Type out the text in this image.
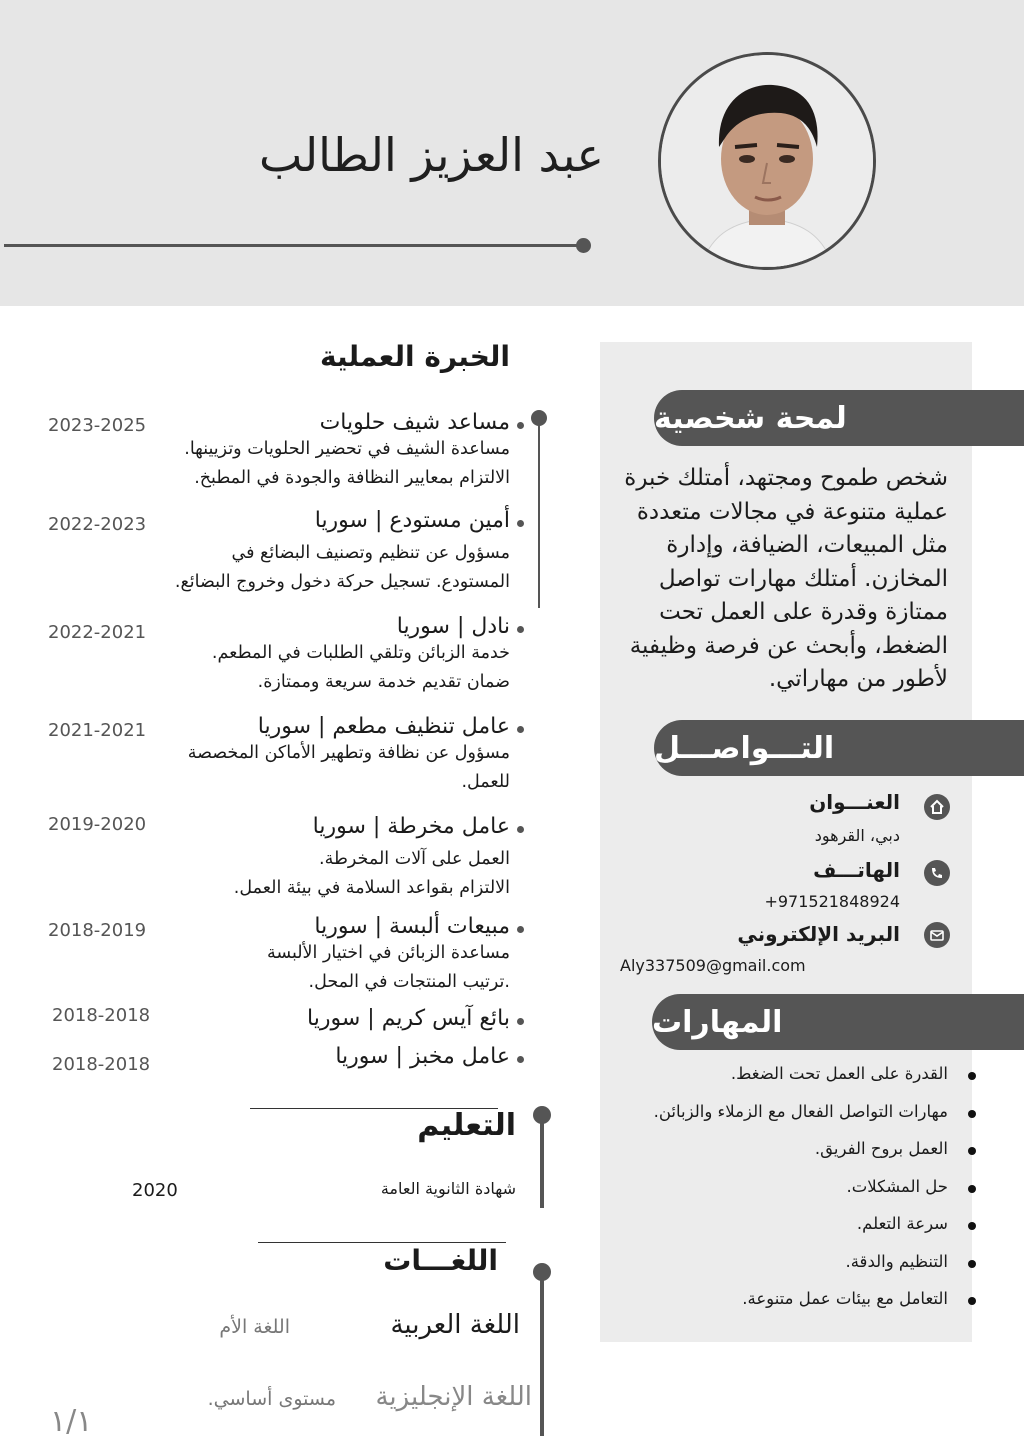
عبد العزيز الطالب
لمحة شخصية
شخص طموح ومجتهد، أمتلك خبرة عملية متنوعة في مجالات متعددة مثل المبيعات، الضيافة، وإدارة المخازن. أمتلك مهارات تواصل ممتازة وقدرة على العمل تحت الضغط، وأبحث عن فرصة وظيفية لأطور من مهاراتي.
التـــواصـــل
العنـــوان
دبي، القرهود
الهاتـــف
+971521848924
البريد الإلكتروني
Aly337509@gmail.com
المهارات
القدرة على العمل تحت الضغط.
مهارات التواصل الفعال مع الزملاء والزبائن.
العمل بروح الفريق.
حل المشكلات.
سرعة التعلم.
التنظيم والدقة.
التعامل مع بيئات عمل متنوعة.
الخبرة العملية
مساعد شيف حلويات
مساعدة الشيف في تحضير الحلويات وتزيينها.
الالتزام بمعايير النظافة والجودة في المطبخ.
2023-2025
أمين مستودع | سوريا
مسؤول عن تنظيم وتصنيف البضائع في
المستودع. تسجيل حركة دخول وخروج البضائع.
2022-2023
نادل | سوريا
خدمة الزبائن وتلقي الطلبات في المطعم.
ضمان تقديم خدمة سريعة وممتازة.
2022-2021
عامل تنظيف مطعم | سوريا
مسؤول عن نظافة وتطهير الأماكن المخصصة
للعمل.
2021-2021
عامل مخرطة | سوريا
العمل على آلات المخرطة.
الالتزام بقواعد السلامة في بيئة العمل.
2019-2020
مبيعات ألبسة | سوريا
مساعدة الزبائن في اختيار الألبسة
.ترتيب المنتجات في المحل.
2018-2019
بائع آيس كريم | سوريا
2018-2018
عامل مخبز | سوريا
2018-2018
التعليم
شهادة الثانوية العامة
2020
اللغـــات
اللغة العربية
اللغة الأم
اللغة الإنجليزية
مستوى أساسي.
١/١
